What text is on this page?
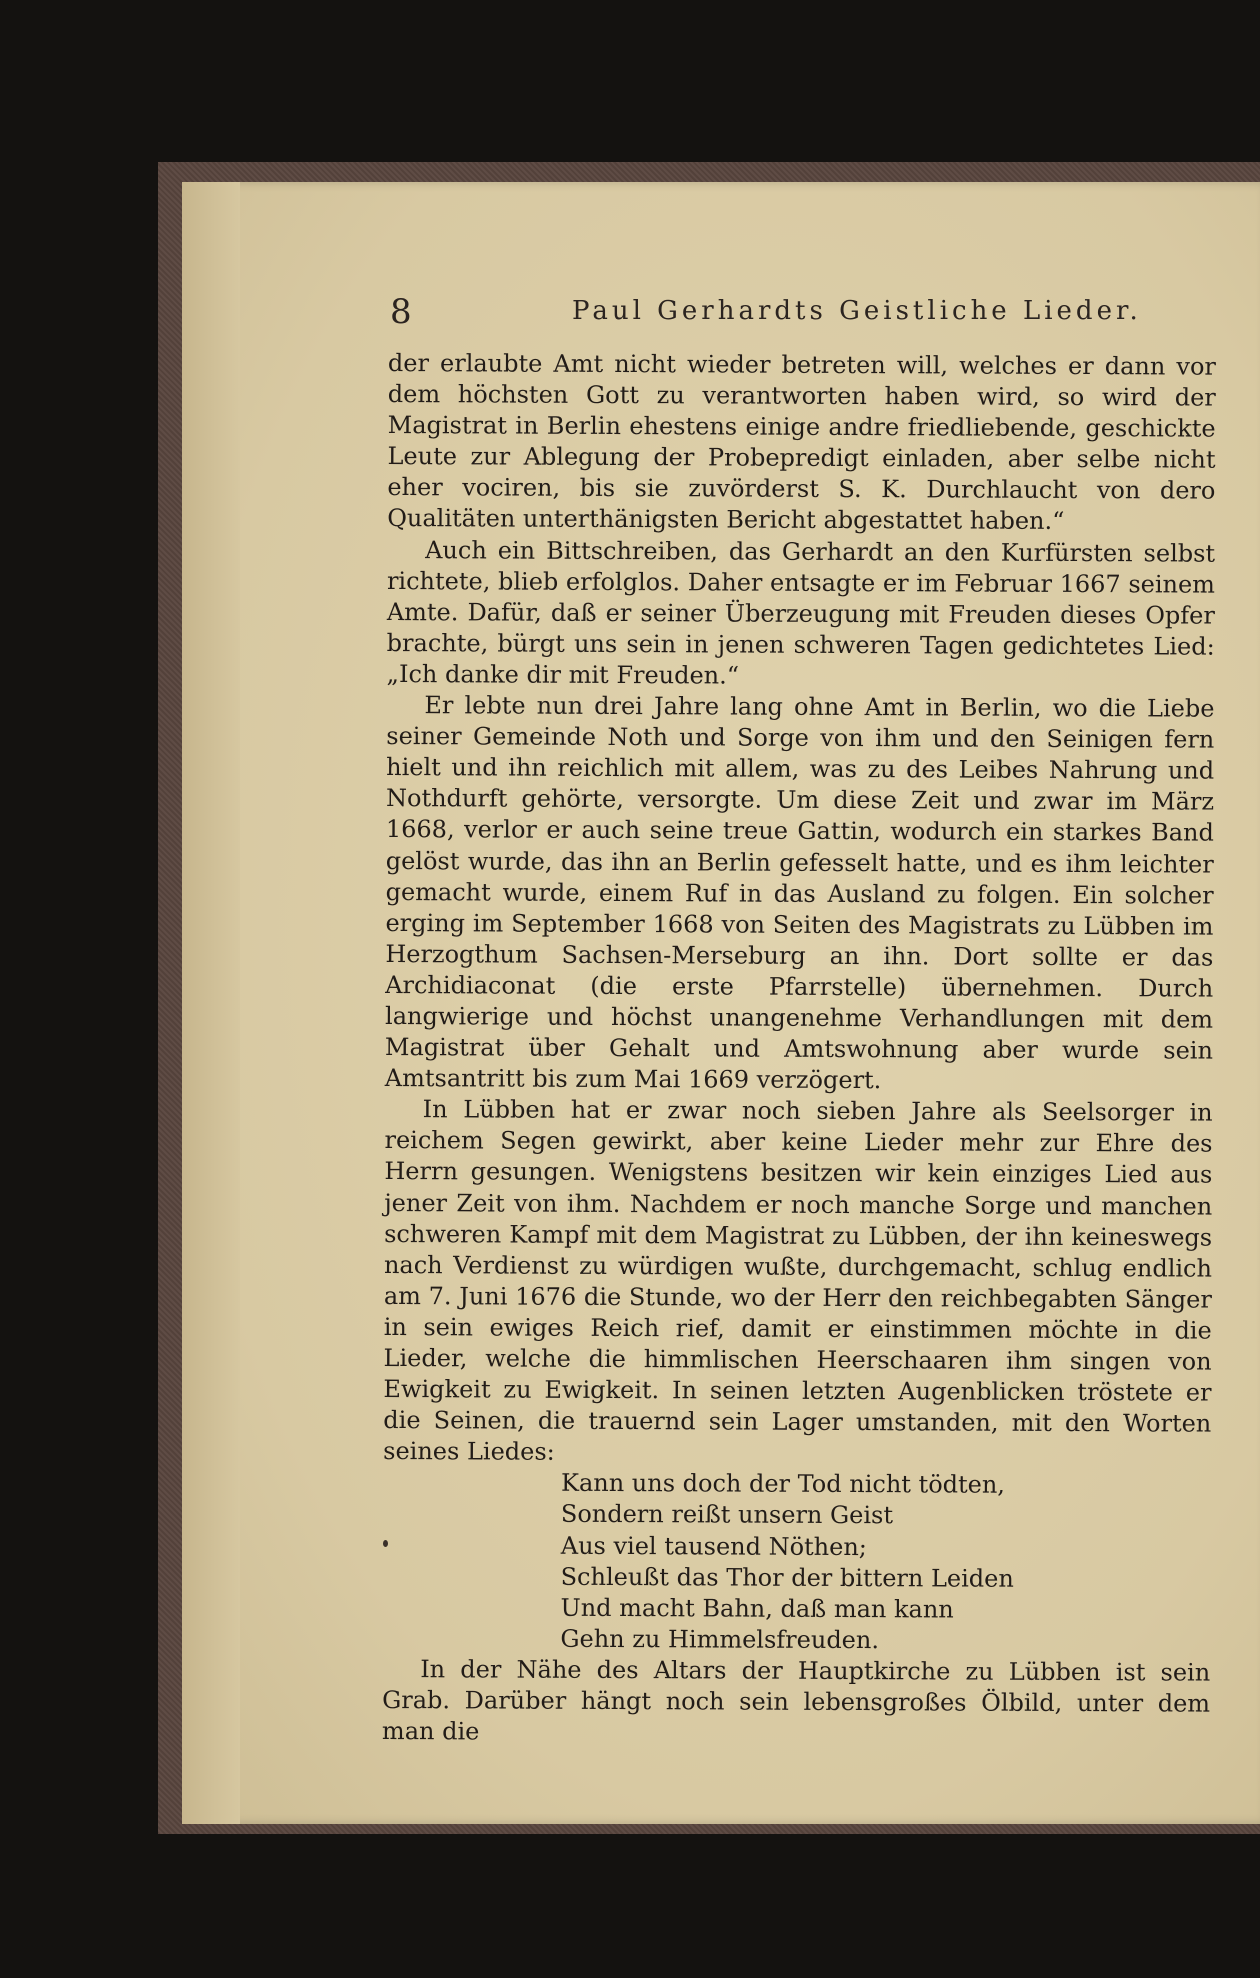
8	Paul Gerhardts Geistliche Lieder.

der erlaubte Amt nicht wieder betreten will, welches er dann vor dem höchsten Gott zu verantworten haben wird, so wird der Magistrat in Berlin ehestens einige andre friedliebende, geschickte Leute zur Ablegung der Probepredigt einladen, aber selbe nicht eher vociren, bis sie zuvörderst S. K. Durchlaucht von dero Qualitäten unterthänigsten Bericht abgestattet haben.“

Auch ein Bittschreiben, das Gerhardt an den Kurfürsten selbst richtete, blieb erfolglos. Daher entsagte er im Februar 1667 seinem Amte. Dafür, daß er seiner Überzeugung mit Freuden dieses Opfer brachte, bürgt uns sein in jenen schweren Tagen gedichtetes Lied: „Ich danke dir mit Freuden.“

Er lebte nun drei Jahre lang ohne Amt in Berlin, wo die Liebe seiner Gemeinde Noth und Sorge von ihm und den Seinigen fern hielt und ihn reichlich mit allem, was zu des Leibes Nahrung und Nothdurft gehörte, versorgte. Um diese Zeit und zwar im März 1668, verlor er auch seine treue Gattin, wodurch ein starkes Band gelöst wurde, das ihn an Berlin gefesselt hatte, und es ihm leichter gemacht wurde, einem Ruf in das Ausland zu folgen. Ein solcher erging im September 1668 von Seiten des Magistrats zu Lübben im Herzogthum Sachsen-Merseburg an ihn. Dort sollte er das Archidiaconat (die erste Pfarrstelle) übernehmen. Durch langwierige und höchst unangenehme Verhandlungen mit dem Magistrat über Gehalt und Amtswohnung aber wurde sein Amtsantritt bis zum Mai 1669 verzögert.

In Lübben hat er zwar noch sieben Jahre als Seelsorger in reichem Segen gewirkt, aber keine Lieder mehr zur Ehre des Herrn gesungen. Wenigstens besitzen wir kein einziges Lied aus jener Zeit von ihm. Nachdem er noch manche Sorge und manchen schweren Kampf mit dem Magistrat zu Lübben, der ihn keineswegs nach Verdienst zu würdigen wußte, durchgemacht, schlug endlich am 7. Juni 1676 die Stunde, wo der Herr den reichbegabten Sänger in sein ewiges Reich rief, damit er einstimmen möchte in die Lieder, welche die himmlischen Heerschaaren ihm singen von Ewigkeit zu Ewigkeit. In seinen letzten Augenblicken tröstete er die Seinen, die trauernd sein Lager umstanden, mit den Worten seines Liedes:

Kann uns doch der Tod nicht tödten,
Sondern reißt unsern Geist
Aus viel tausend Nöthen;
Schleußt das Thor der bittern Leiden
Und macht Bahn, daß man kann
Gehn zu Himmelsfreuden.

In der Nähe des Altars der Hauptkirche zu Lübben ist sein Grab. Darüber hängt noch sein lebensgroßes Ölbild, unter dem man die
